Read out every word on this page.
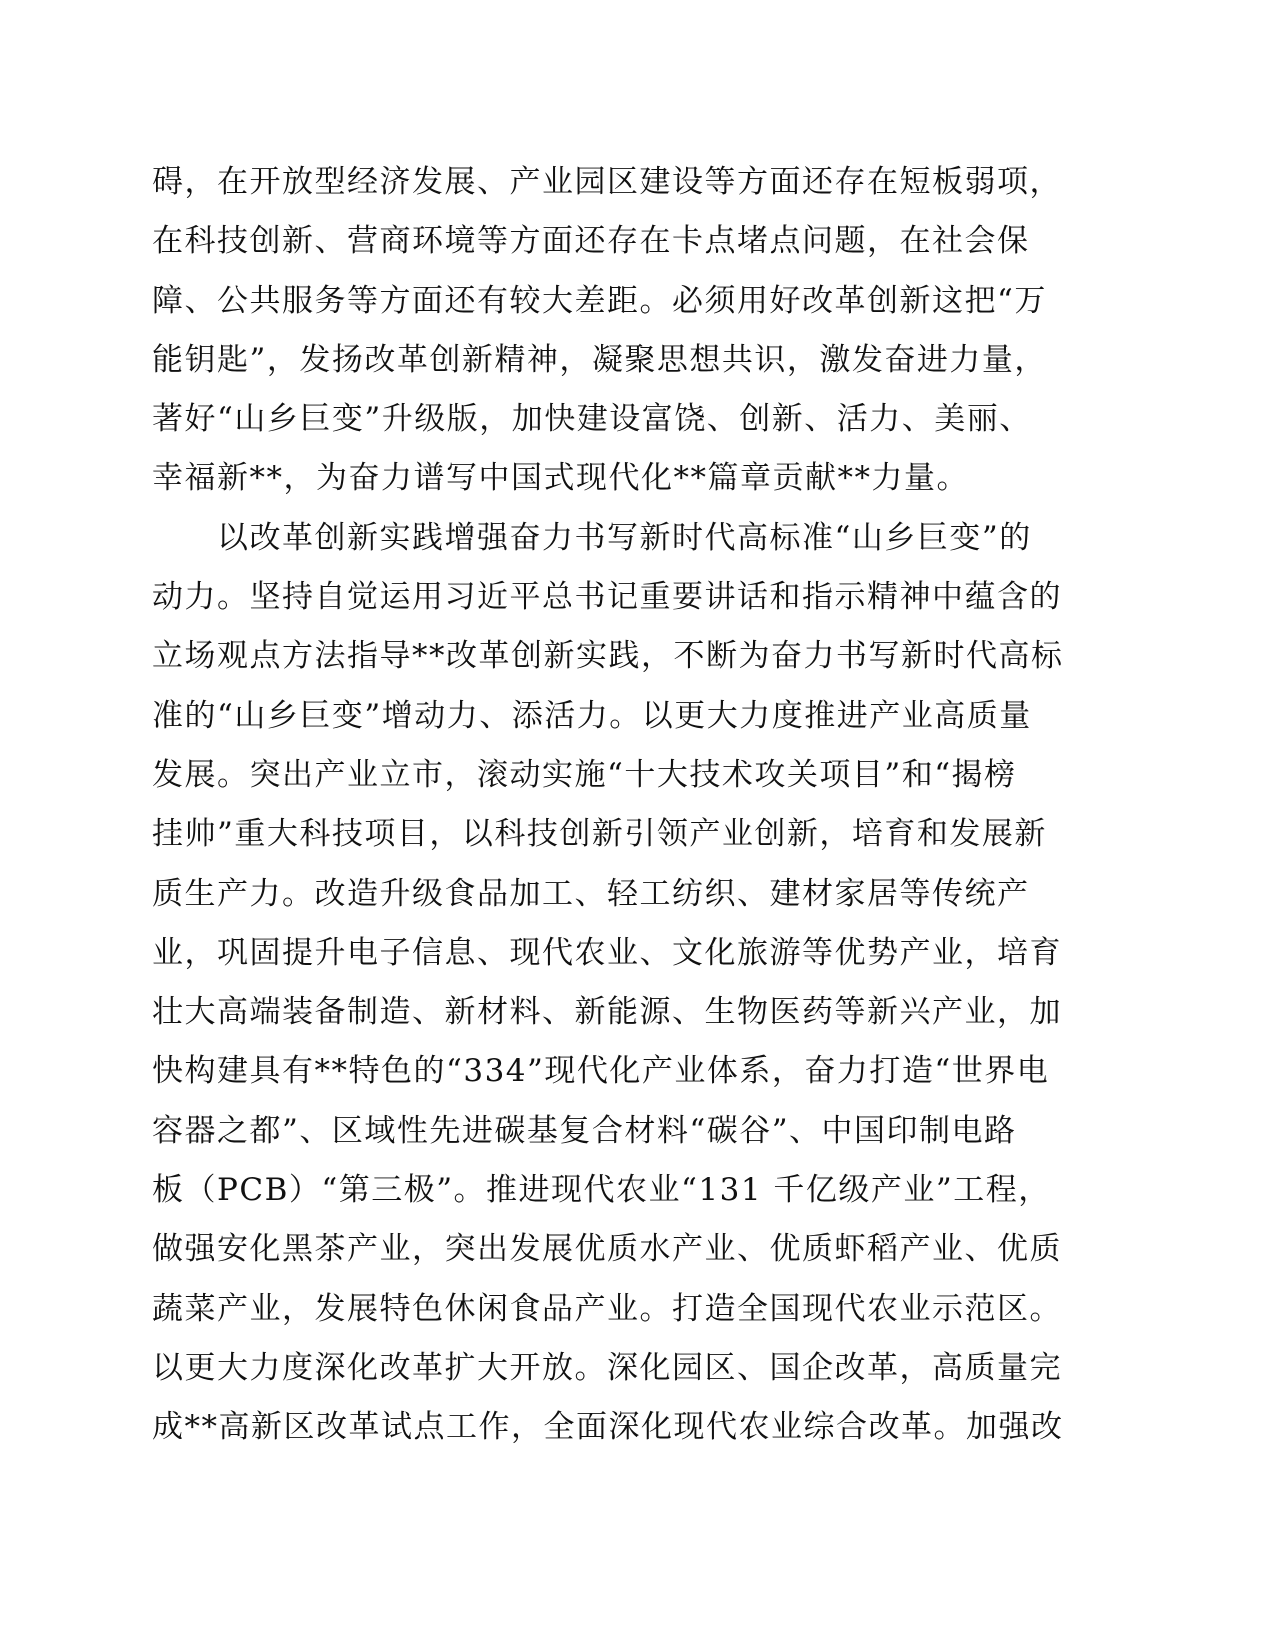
碍，在开放型经济发展、产业园区建设等方面还存在短板弱项，
在科技创新、营商环境等方面还存在卡点堵点问题，在社会保
障、公共服务等方面还有较大差距。必须用好改革创新这把“万
能钥匙”，发扬改革创新精神，凝聚思想共识，激发奋进力量，
著好“山乡巨变”升级版，加快建设富饶、创新、活力、美丽、
幸福新**，为奋力谱写中国式现代化**篇章贡献**力量。
　　以改革创新实践增强奋力书写新时代高标准“山乡巨变”的
动力。坚持自觉运用习近平总书记重要讲话和指示精神中蕴含的
立场观点方法指导**改革创新实践，不断为奋力书写新时代高标
准的“山乡巨变”增动力、添活力。以更大力度推进产业高质量
发展。突出产业立市，滚动实施“十大技术攻关项目”和“揭榜
挂帅”重大科技项目，以科技创新引领产业创新，培育和发展新
质生产力。改造升级食品加工、轻工纺织、建材家居等传统产
业，巩固提升电子信息、现代农业、文化旅游等优势产业，培育
壮大高端装备制造、新材料、新能源、生物医药等新兴产业，加
快构建具有**特色的“334”现代化产业体系，奋力打造“世界电
容器之都”、区域性先进碳基复合材料“碳谷”、中国印制电路
板（PCB）“第三极”。推进现代农业“131 千亿级产业”工程，
做强安化黑茶产业，突出发展优质水产业、优质虾稻产业、优质
蔬菜产业，发展特色休闲食品产业。打造全国现代农业示范区。
以更大力度深化改革扩大开放。深化园区、国企改革，高质量完
成**高新区改革试点工作，全面深化现代农业综合改革。加强改
